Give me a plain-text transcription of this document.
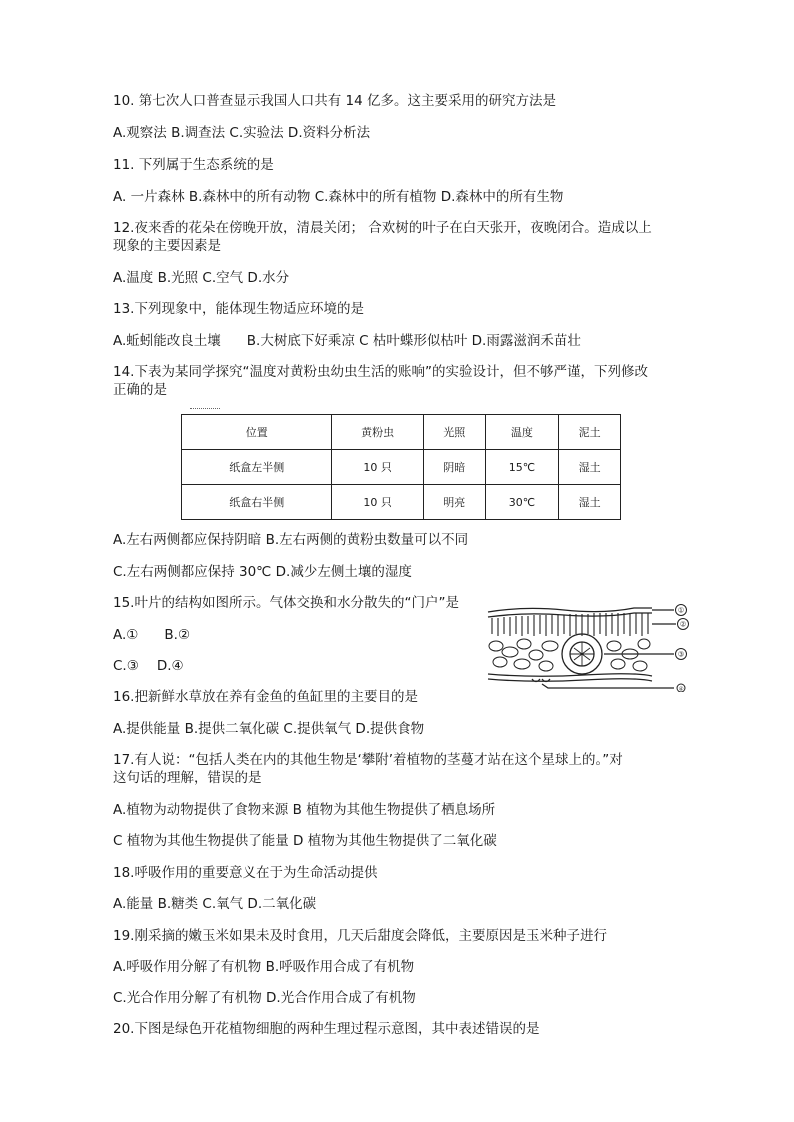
10. 第七次人口普查显示我国人口共有 14 亿多。这主要采用的研究方法是
A.观察法 B.调查法 C.实验法 D.资料分析法
11. 下列属于生态系统的是
A. 一片森林 B.森林中的所有动物 C.森林中的所有植物 D.森林中的所有生物
12.夜来香的花朵在傍晚开放，清晨关闭； 合欢树的叶子在白天张开，夜晚闭合。造成以上
现象的主要因素是
A.温度 B.光照 C.空气 D.水分
13.下列现象中，能体现生物适应环境的是
A.蚯蚓能改良土壤 B.大树底下好乘凉 C 枯叶蝶形似枯叶 D.雨露滋润禾苗壮
14.下表为某同学探究“温度对黄粉虫幼虫生活的账响”的实验设计，但不够严谨，下列修改
正确的是
位置	黄粉虫	光照	温度	泥土
纸盒左半侧	10 只	阴暗	15℃	湿土
纸盒右半侧	10 只	明亮	30℃	湿土
A.左右两侧都应保持阴暗 B.左右两侧的黄粉虫数量可以不同
C.左右两侧都应保持 30℃ D.减少左侧土壤的湿度
15.叶片的结构如图所示。气体交换和水分散失的“门户”是
A.① B.②
C.③ D.④
①
②
③
④
16.把新鲜水草放在养有金鱼的鱼缸里的主要目的是
A.提供能量 B.提供二氧化碳 C.提供氧气 D.提供食物
17.有人说：“包括人类在内的其他生物是‘攀附’着植物的茎蔓才站在这个星球上的。”对
这句话的理解，错误的是
A.植物为动物提供了食物来源 B 植物为其他生物提供了栖息场所
C 植物为其他生物提供了能量 D 植物为其他生物提供了二氧化碳
18.呼吸作用的重要意义在于为生命活动提供
A.能量 B.糖类 C.氧气 D.二氧化碳
19.刚采摘的嫩玉米如果未及时食用，几天后甜度会降低，主要原因是玉米种子进行
A.呼吸作用分解了有机物 B.呼吸作用合成了有机物
C.光合作用分解了有机物 D.光合作用合成了有机物
20.下图是绿色开花植物细胞的两种生理过程示意图，其中表述错误的是
